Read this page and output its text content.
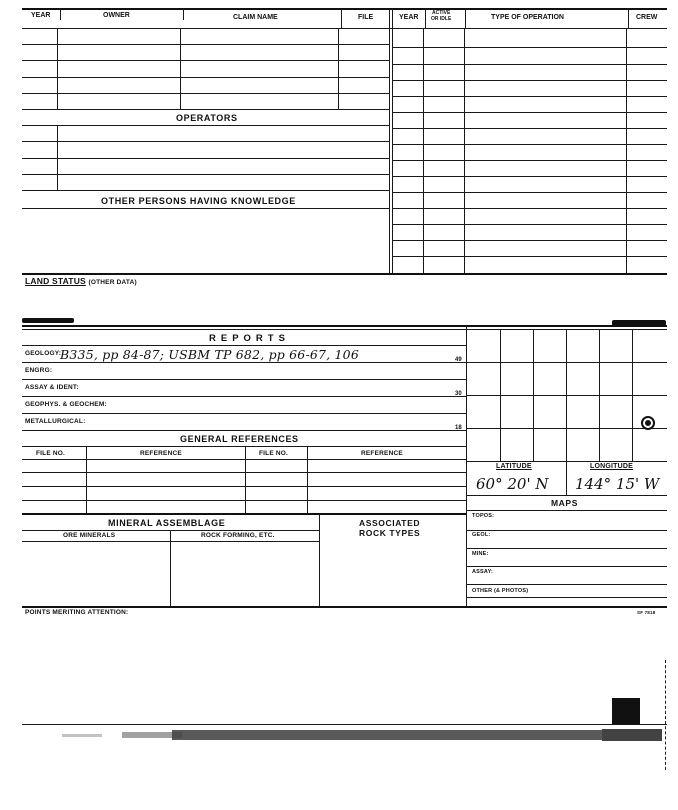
YEAR	OWNER	CLAIM NAME	FILE	YEAR
ACTIVE
OR IDLE	TYPE OF OPERATION	CREW
OPERATORS
OTHER PERSONS HAVING KNOWLEDGE
LAND STATUS (OTHER DATA)
REPORTS
GEOLOGY:
B335, pp 84-87; USBM TP 682, pp 66-67, 106	49
ENGRG:
ASSAY & IDENT:
30
GEOPHYS. & GEOCHEM:
METALLURGICAL:
18
GENERAL REFERENCES
FILE NO.	REFERENCE	FILE NO.	REFERENCE
MINERAL ASSEMBLAGE	ASSOCIATED
ROCK TYPES
ORE MINERALS	ROCK FORMING, ETC.
LATITUDE	LONGITUDE
60° 20' N 144° 15' W
MAPS
TOPOS:
GEOL:
MINE:
ASSAY:
OTHER (& PHOTOS)
POINTS MERITING ATTENTION:	SF 7818
